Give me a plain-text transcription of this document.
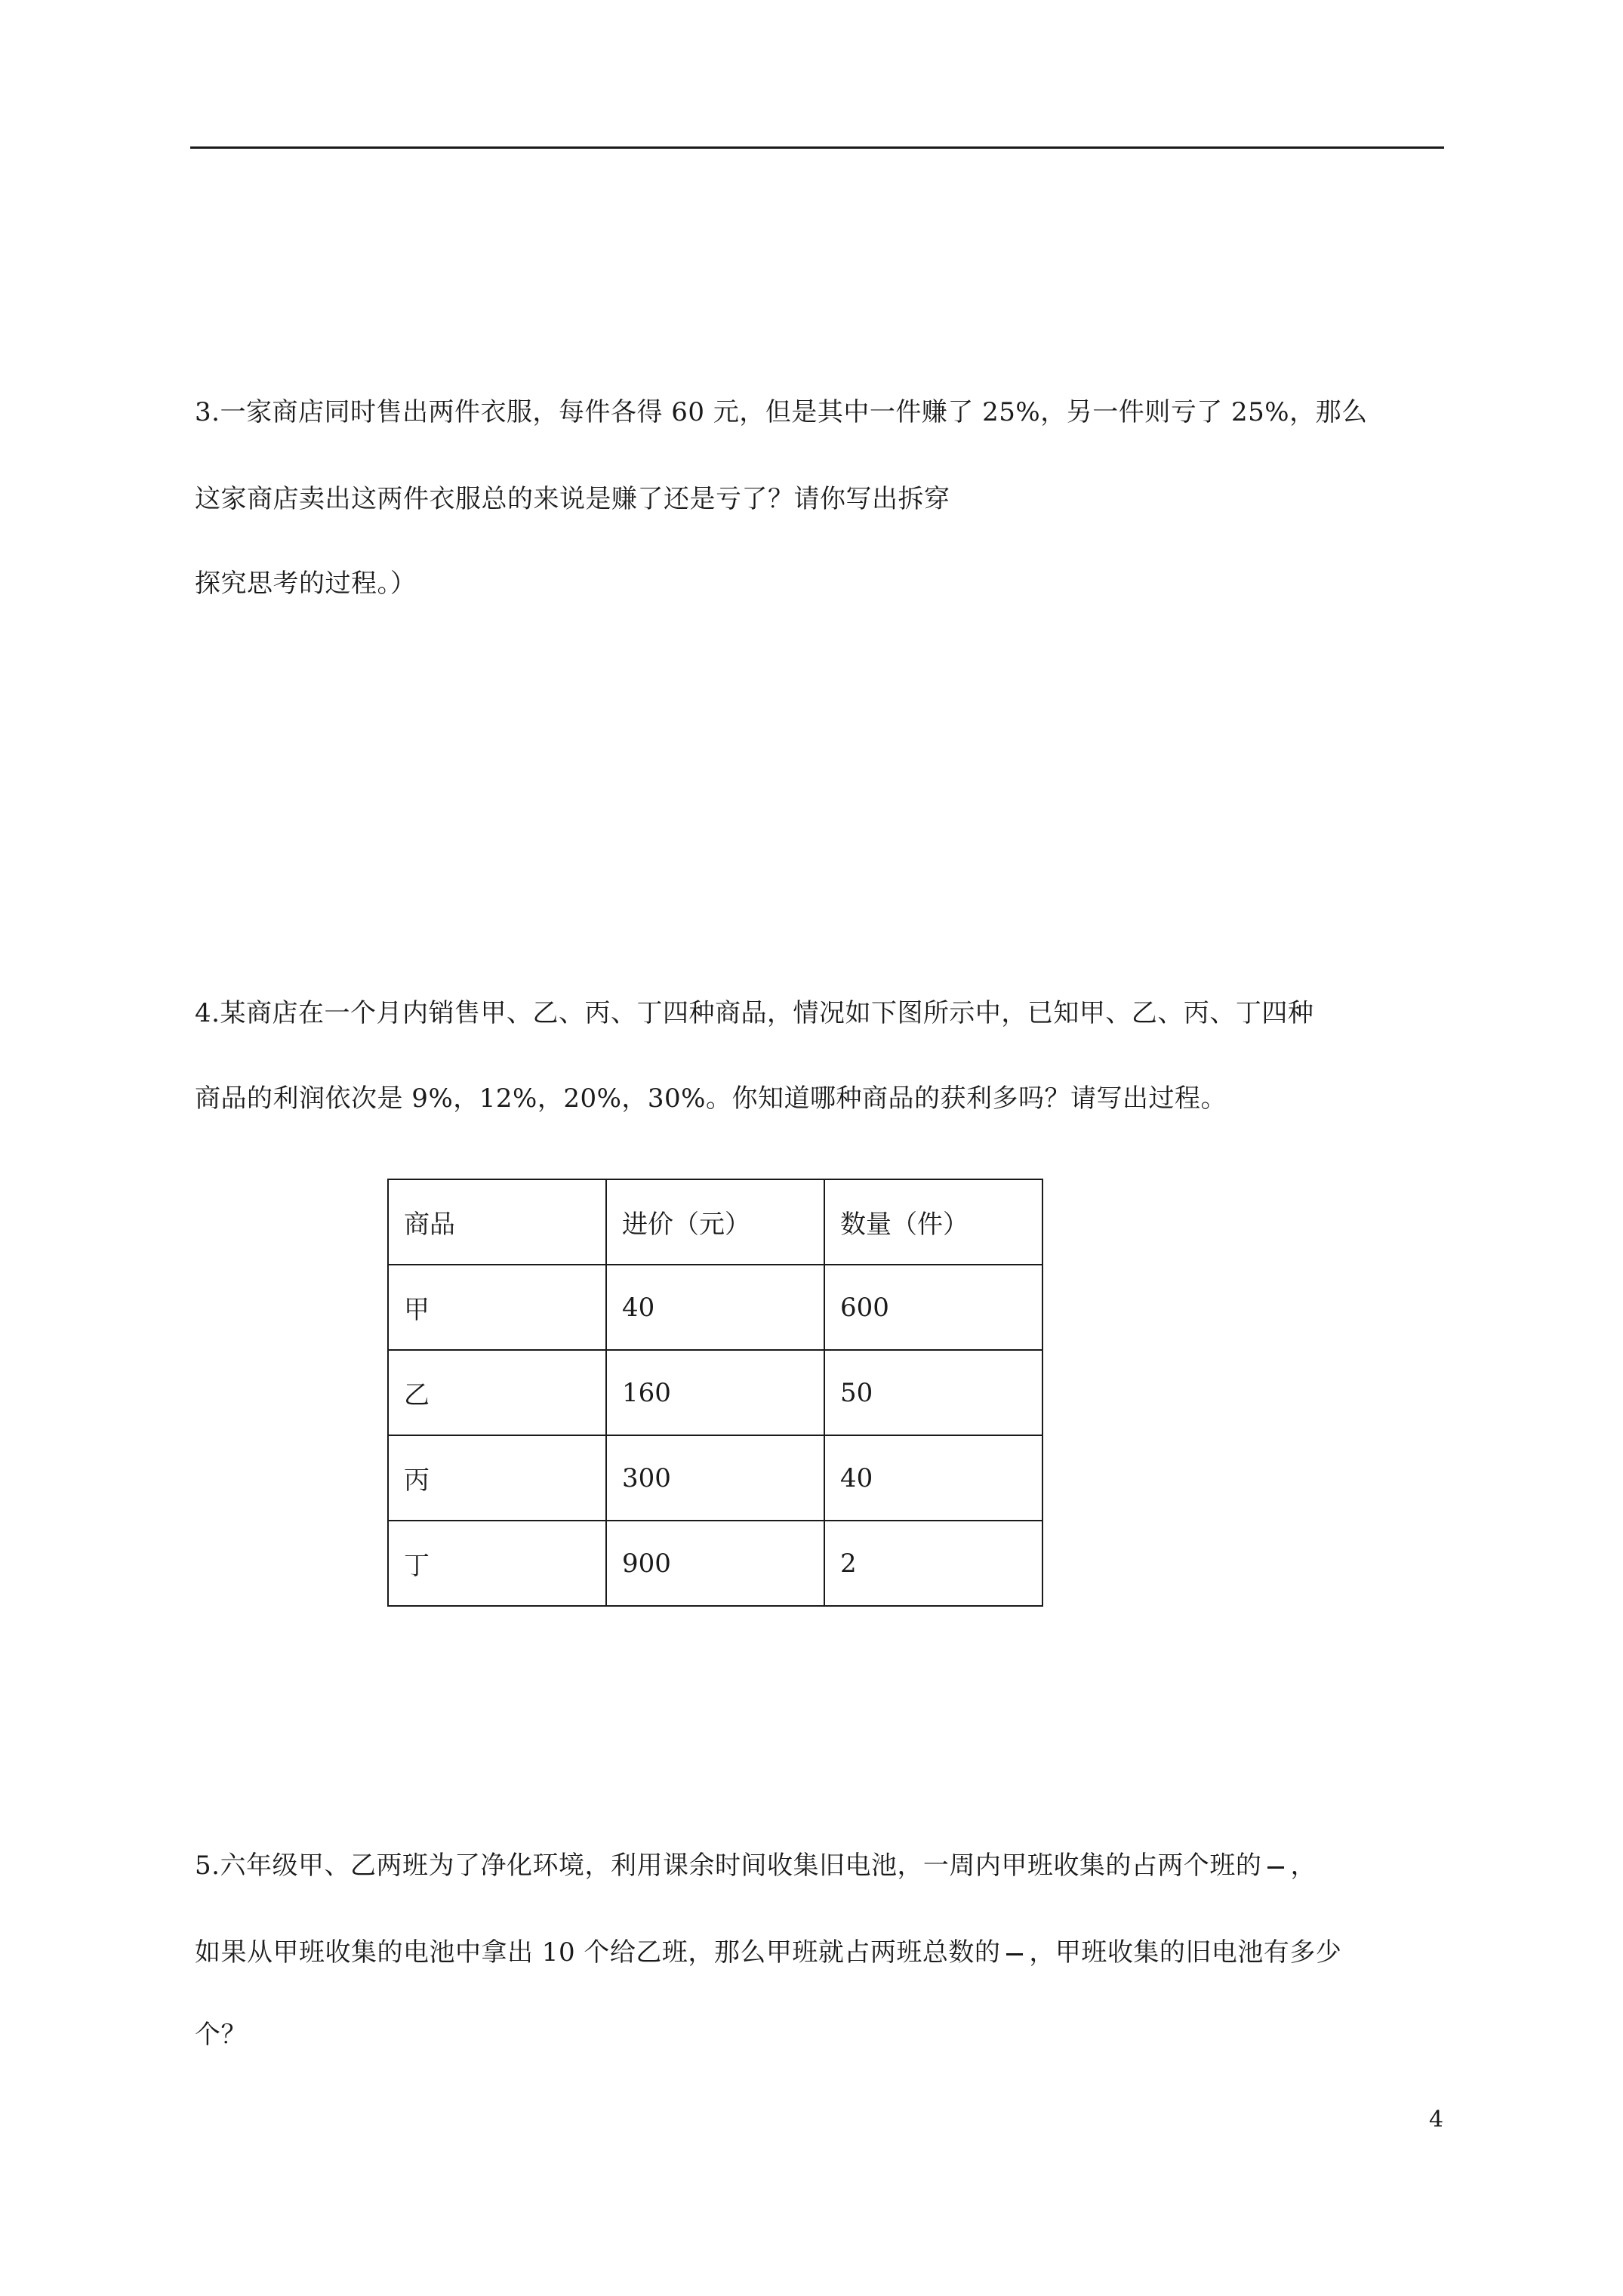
3.一家商店同时售出两件衣服，每件各得 60 元，但是其中一件赚了 25%，另一件则亏了 25%，那么
这家商店卖出这两件衣服总的来说是赚了还是亏了？请你写出拆穿
探究思考的过程。）
4.某商店在一个月内销售甲、乙、丙、丁四种商品，情况如下图所示中，已知甲、乙、丙、丁四种
商品的利润依次是 9%，12%，20%，30%。你知道哪种商品的获利多吗？请写出过程。
商品	进价（元）	数量（件）
甲	40	600
乙	160	50
丙	300	40
丁	900	2
5.六年级甲、乙两班为了净化环境，利用课余时间收集旧电池，一周内甲班收集的占两个班的 ，
如果从甲班收集的电池中拿出 10 个给乙班，那么甲班就占两班总数的 ，甲班收集的旧电池有多少
个？
4
